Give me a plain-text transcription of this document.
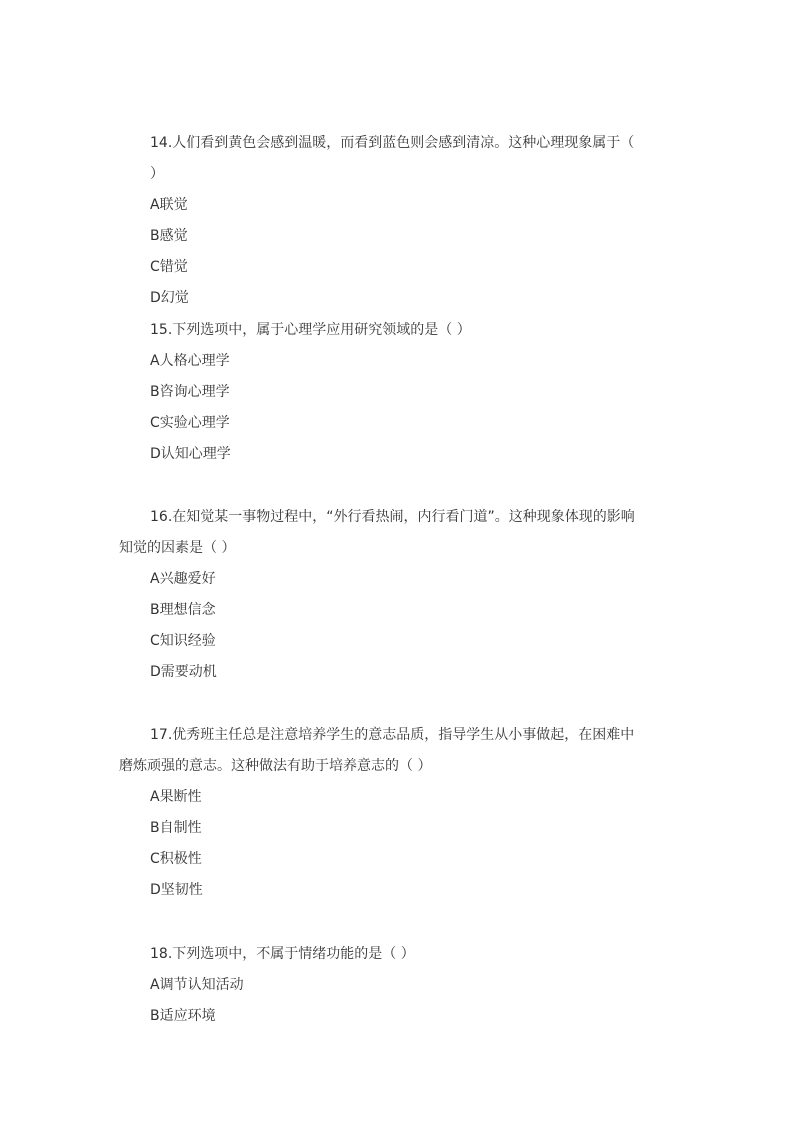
14.人们看到黄色会感到温暖，而看到蓝色则会感到清凉。这种心理现象属于（ ）

A联觉

B感觉

C错觉

D幻觉

15.下列选项中，属于心理学应用研究领域的是（ ）

A人格心理学

B咨询心理学

C实验心理学

D认知心理学

16.在知觉某一事物过程中，“外行看热闹，内行看门道”。这种现象体现的影响知觉的因素是（ ）

A兴趣爱好

B理想信念

C知识经验

D需要动机

17.优秀班主任总是注意培养学生的意志品质，指导学生从小事做起，在困难中磨炼顽强的意志。这种做法有助于培养意志的（ ）

A果断性

B自制性

C积极性

D坚韧性

18.下列选项中，不属于情绪功能的是（ ）

A调节认知活动

B适应环境
